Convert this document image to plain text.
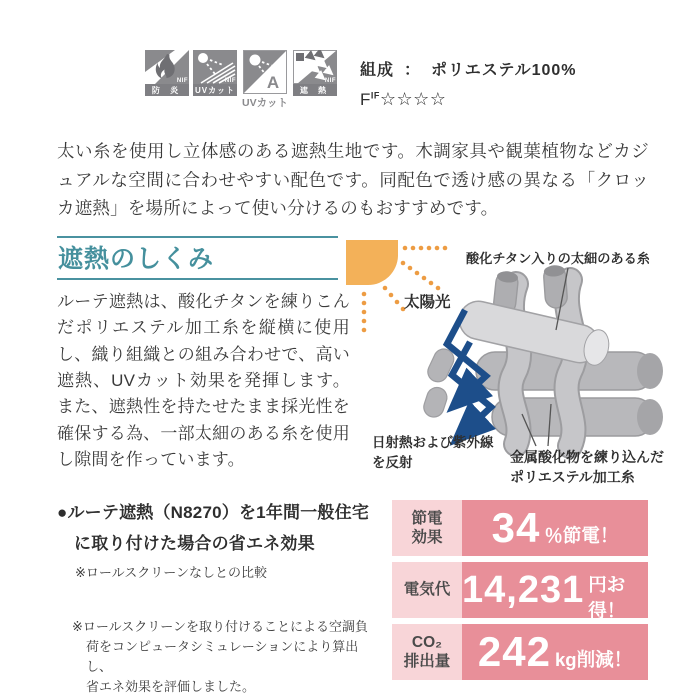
NIF
防 炎
NIF
UVカット A
UVカット
NIF
遮 熱
組成 ： ポリエステル100%
$F^{IF}☆☆☆☆$
太い糸を使用し立体感のある遮熱生地です。木調家具や観葉植物などカジュアルな空間に合わせやすい配色です。同配色で透け感の異なる「クロッカ遮熱」を場所によって使い分けるのもおすすめです。
遮熱のしくみ
ルーテ遮熱は、酸化チタンを練りこんだポリエステル加工糸を縦横に使用し、織り組織との組み合わせで、高い遮熱、UVカット効果を発揮します。また、遮熱性を持たせたまま採光性を確保する為、一部太細のある糸を使用し隙間を作っています。
太陽光
酸化チタン入りの太細のある糸
日射熱および紫外線
を反射	金属酸化物を練り込んだ
ポリエステル加工糸
●ルーテ遮熱（N8270）を1年間一般住宅
に取り付けた場合の省エネ効果
※ロールスクリーンなしとの比較
※ロールスクリーンを取り付けることによる空調負
荷をコンピュータシミュレーションにより算出し、
省エネ効果を評価しました。
節電
効果 34 ％節電！
電気代 14,231 円お得！
CO₂
排出量 242 kg削減！
